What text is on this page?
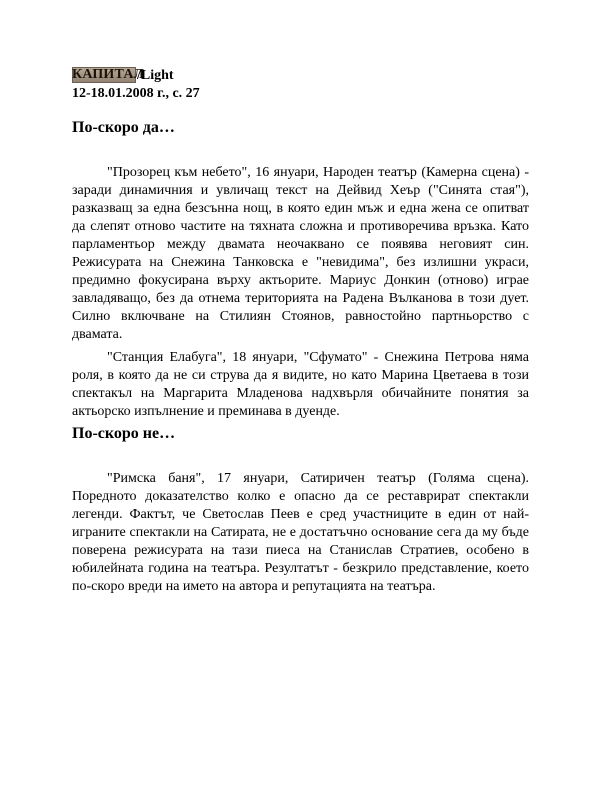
КАПИТАЛ
/Light
12-18.01.2008 г., с. 27
По-скоро да…

"Прозорец към небето", 16 януари, Народен театър (Камерна сцена) - заради динамичния и увличащ текст на Дейвид Хеър ("Синята стая"), разказващ за една безсънна нощ, в която един мъж и една жена се опитват да слепят отново частите на тяхната сложна и противоречива връзка. Като парламентьор между двамата неочаквано се появява неговият син. Режисурата на Снежина Танковска е "невидима", без излишни украси, предимно фокусирана върху актьорите. Мариус Донкин (отново) играе завладяващо, без да отнема територията на Радена Вълканова в този дует. Силно включване на Стилиян Стоянов, равностойно партньорство с двамата.

"Станция Елабуга", 18 януари, "Сфумато" - Снежина Петрова няма роля, в която да не си струва да я видите, но като Марина Цветаева в този спектакъл на Маргарита Младенова надхвърля обичайните понятия за актьорско изпълнение и преминава в дуенде.

По-скоро не…

"Римска баня", 17 януари, Сатиричен театър (Голяма сцена). Поредното доказателство колко е опасно да се реставрират спектакли легенди. Фактът, че Светослав Пеев е сред участниците в един от най-играните спектакли на Сатирата, не е достатъчно основание сега да му бъде поверена режисурата на тази пиеса на Станислав Стратиев, особено в юбилейната година на театъра. Резултатът - безкрило представление, което по-скоро вреди на името на автора и репутацията на театъра.
